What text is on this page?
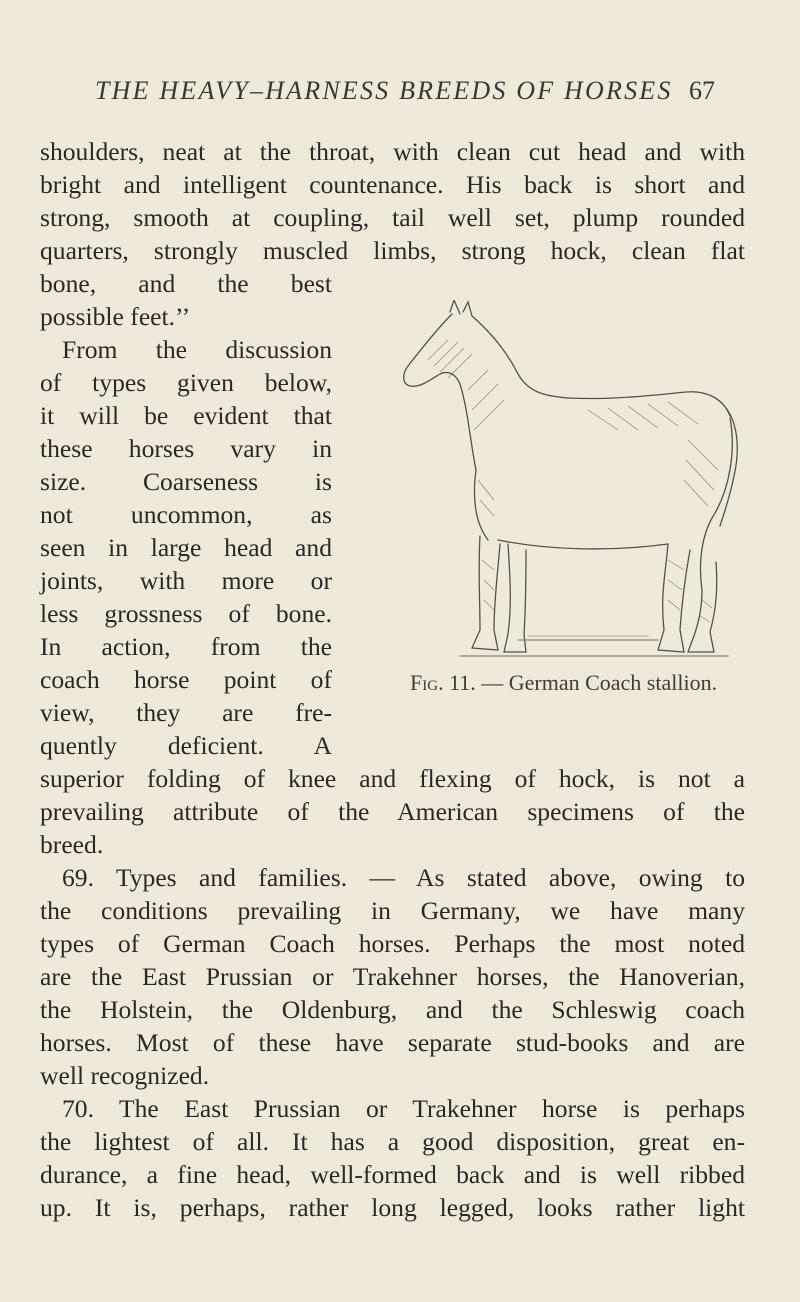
THE HEAVY–HARNESS BREEDS OF HORSES 67
shoulders, neat at the throat, with clean cut head and with
bright and intelligent countenance. His back is short and
strong, smooth at coupling, tail well set, plump rounded
quarters, strongly muscled limbs, strong hock, clean flat
bone, and the best
possible feet.’’
From the discussion
of types given below,
it will be evident that
these horses vary in
size. Coarseness is
not uncommon, as
seen in large head and
joints, with more or
less grossness of bone.
In action, from the
coach horse point of
view, they are fre-
quently deficient. A
Fig. 11. — German Coach stallion.
superior folding of knee and flexing of hock, is not a
prevailing attribute of the American specimens of the
breed.
69. Types and families. — As stated above, owing to
the conditions prevailing in Germany, we have many
types of German Coach horses. Perhaps the most noted
are the East Prussian or Trakehner horses, the Hanoverian,
the Holstein, the Oldenburg, and the Schleswig coach
horses. Most of these have separate stud-books and are
well recognized.
70. The East Prussian or Trakehner horse is perhaps
the lightest of all. It has a good disposition, great en-
durance, a fine head, well-formed back and is well ribbed
up. It is, perhaps, rather long legged, looks rather light
